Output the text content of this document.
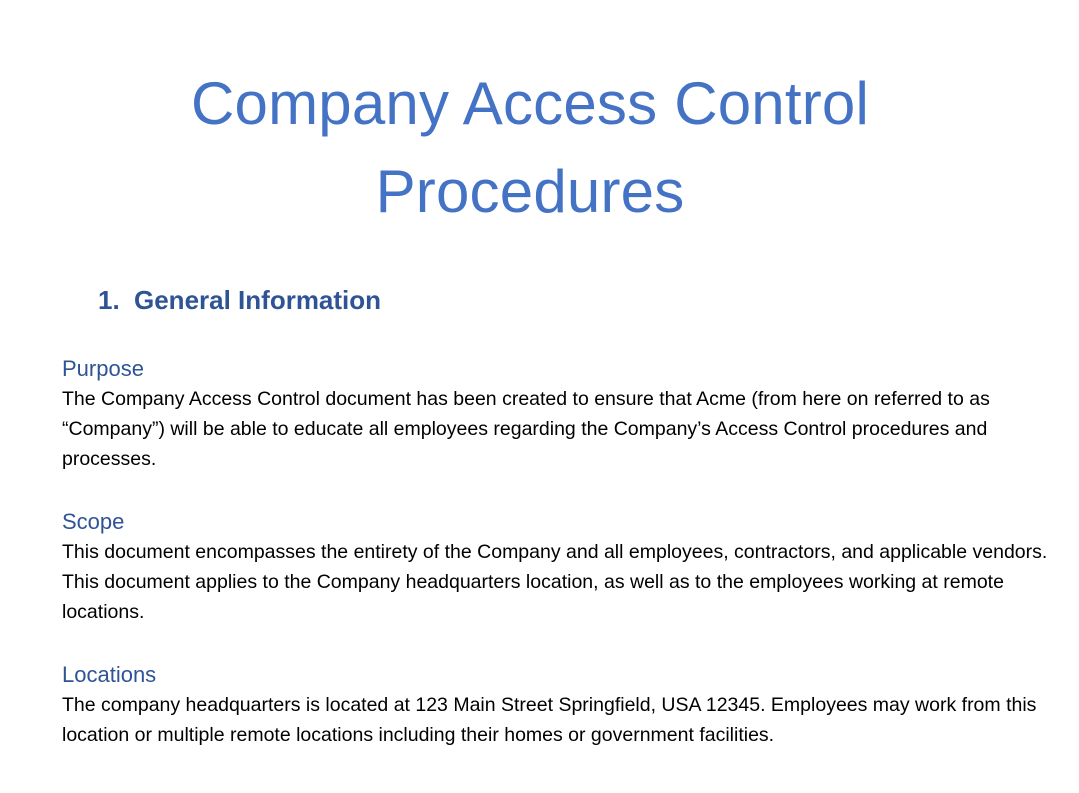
Company Access Control
Procedures
1. General Information
Purpose

The Company Access Control document has been created to ensure that Acme (from here on referred to as “Company”) will be able to educate all employees regarding the Company’s Access Control procedures and processes.

Scope

This document encompasses the entirety of the Company and all employees, contractors, and applicable vendors. This document applies to the Company headquarters location, as well as to the employees working at remote locations.

Locations

The company headquarters is located at 123 Main Street Springfield, USA 12345. Employees may work from this location or multiple remote locations including their homes or government facilities.
